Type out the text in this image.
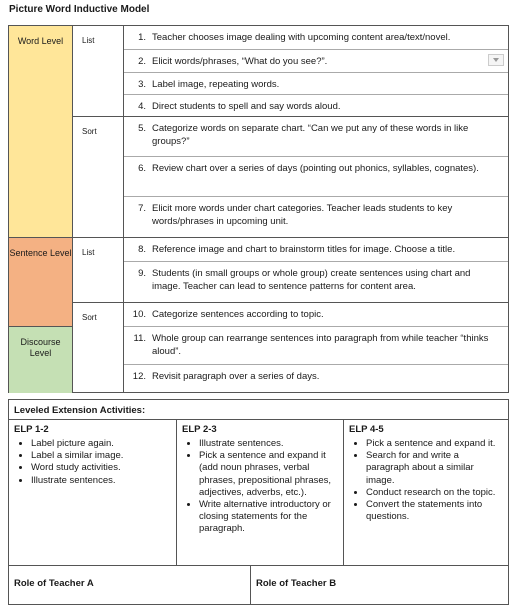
Picture Word Inductive Model
Word Level
Sentence Level
Discourse Level
List
Sort
List
Sort
1. Teacher chooses image dealing with upcoming content area/text/novel.
2. Elicit words/phrases, “What do you see?”.
3. Label image, repeating words.
4. Direct students to spell and say words aloud.
5. Categorize words on separate chart. “Can we put any of these words in like groups?”
6. Review chart over a series of days (pointing out phonics, syllables, cognates).
7. Elicit more words under chart categories. Teacher leads students to key words/phrases in upcoming unit.
8. Reference image and chart to brainstorm titles for image. Choose a title.
9. Students (in small groups or whole group) create sentences using chart and image. Teacher can lead to sentence patterns for content area.
10. Categorize sentences according to topic.
11. Whole group can rearrange sentences into paragraph from while teacher “thinks aloud”.
12. Revisit paragraph over a series of days.
Leveled Extension Activities:
ELP 1-2
• Label picture again.
• Label a similar image.
• Word study activities.
• Illustrate sentences.
ELP 2-3
• Illustrate sentences.
• Pick a sentence and expand it (add noun phrases, verbal phrases, prepositional phrases, adjectives, adverbs, etc.).
• Write alternative introductory or closing statements for the paragraph.
ELP 4-5
• Pick a sentence and expand it.
• Search for and write a paragraph about a similar image.
• Conduct research on the topic.
• Convert the statements into questions.
Role of Teacher A	Role of Teacher B
